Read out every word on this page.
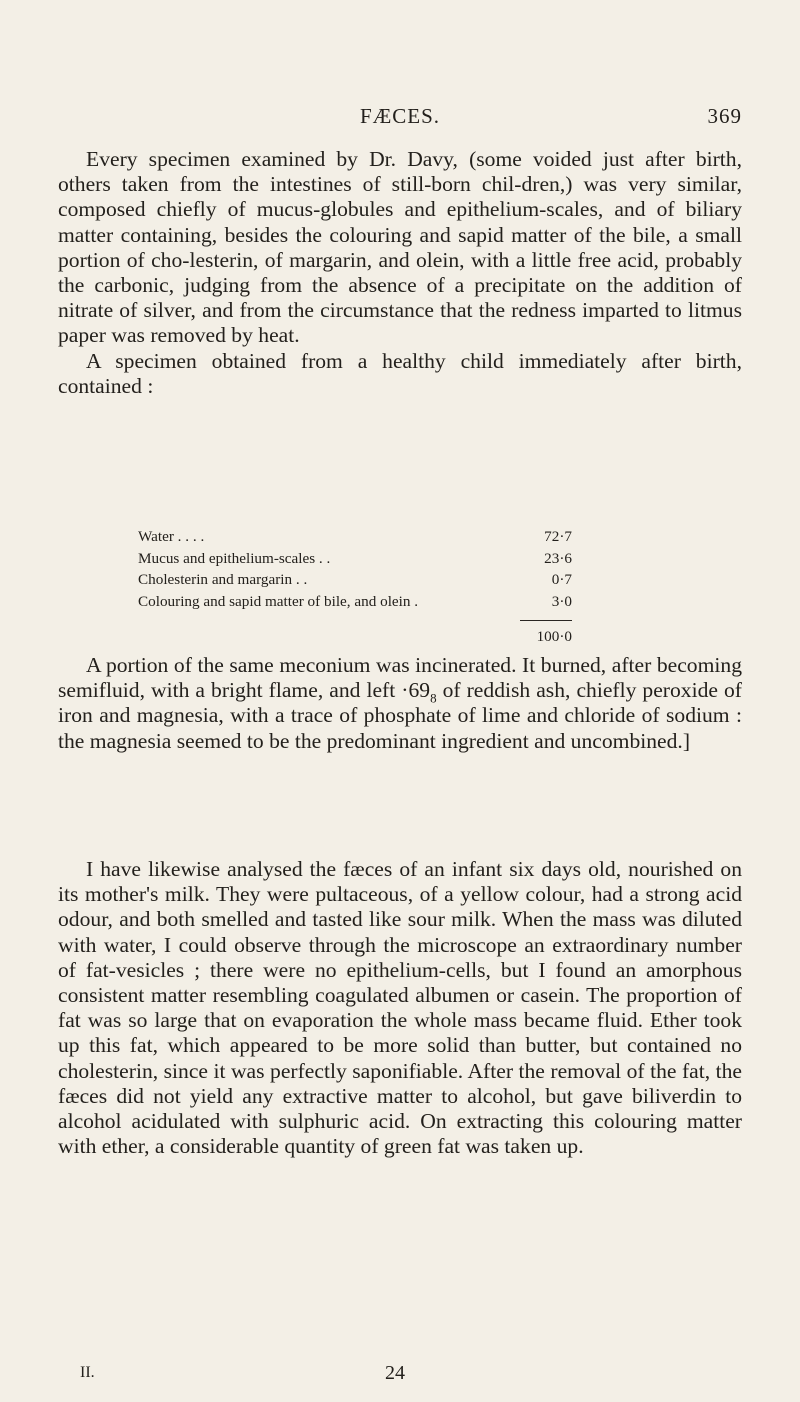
FÆCES.	369
Every specimen examined by Dr. Davy, (some voided just after birth, others taken from the intestines of still-born chil-dren,) was very similar, composed chiefly of mucus-globules and epithelium-scales, and of biliary matter containing, besides the colouring and sapid matter of the bile, a small portion of cho-lesterin, of margarin, and olein, with a little free acid, probably the carbonic, judging from the absence of a precipitate on the addition of nitrate of silver, and from the circumstance that the redness imparted to litmus paper was removed by heat.
A specimen obtained from a healthy child immediately after birth, contained :
Water . . . .	72·7
Mucus and epithelium-scales . .	23·6
Cholesterin and margarin . .	0·7
Colouring and sapid matter of bile, and olein .	3·0
100·0

A portion of the same meconium was incinerated. It burned, after becoming semifluid, with a bright flame, and left $\cdot 69_8$ of reddish ash, chiefly peroxide of iron and magnesia, with a trace of phosphate of lime and chloride of sodium : the magnesia seemed to be the predominant ingredient and uncombined.]

I have likewise analysed the fæces of an infant six days old, nourished on its mother's milk. They were pultaceous, of a yellow colour, had a strong acid odour, and both smelled and tasted like sour milk. When the mass was diluted with water, I could observe through the microscope an extraordinary number of fat-vesicles ; there were no epithelium-cells, but I found an amorphous consistent matter resembling coagulated albumen or casein. The proportion of fat was so large that on evaporation the whole mass became fluid. Ether took up this fat, which appeared to be more solid than butter, but contained no cholesterin, since it was perfectly saponifiable. After the removal of the fat, the fæces did not yield any extractive matter to alcohol, but gave biliverdin to alcohol acidulated with sulphuric acid. On extracting this colouring matter with ether, a considerable quantity of green fat was taken up.

II.	24
